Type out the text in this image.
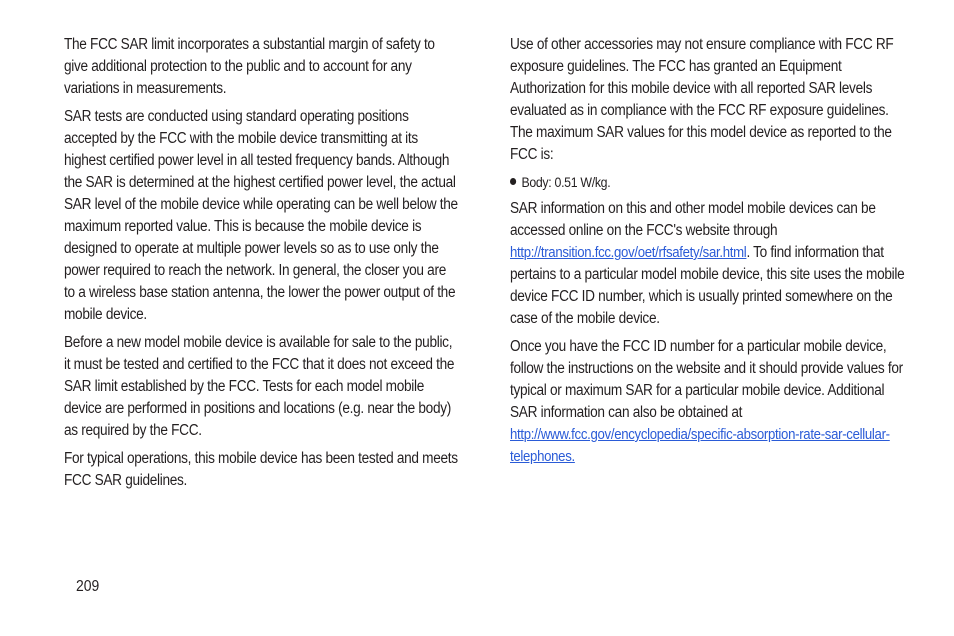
The FCC SAR limit incorporates a substantial margin of safety to give additional protection to the public and to account for any variations in measurements.

SAR tests are conducted using standard operating positions accepted by the FCC with the mobile device transmitting at its highest certified power level in all tested frequency bands. Although the SAR is determined at the highest certified power level, the actual SAR level of the mobile device while operating can be well below the maximum reported value. This is because the mobile device is designed to operate at multiple power levels so as to use only the power required to reach the network. In general, the closer you are to a wireless base station antenna, the lower the power output of the mobile device.

Before a new model mobile device is available for sale to the public, it must be tested and certified to the FCC that it does not exceed the SAR limit established by the FCC. Tests for each model mobile device are performed in positions and locations (e.g. near the body) as required by the FCC.

For typical operations, this mobile device has been tested and meets FCC SAR guidelines.

Use of other accessories may not ensure compliance with FCC RF exposure guidelines. The FCC has granted an Equipment Authorization for this mobile device with all reported SAR levels evaluated as in compliance with the FCC RF exposure guidelines. The maximum SAR values for this model device as reported to the FCC is:

Body: 0.51 W/kg.

SAR information on this and other model mobile devices can be accessed online on the FCC's website through http://transition.fcc.gov/oet/rfsafety/sar.html. To find information that pertains to a particular model mobile device, this site uses the mobile device FCC ID number, which is usually printed somewhere on the case of the mobile device.

Once you have the FCC ID number for a particular mobile device, follow the instructions on the website and it should provide values for typical or maximum SAR for a particular mobile device. Additional SAR information can also be obtained at
http://www.fcc.gov/encyclopedia/specific-absorption-rate-sar-cellular-telephones.

209
